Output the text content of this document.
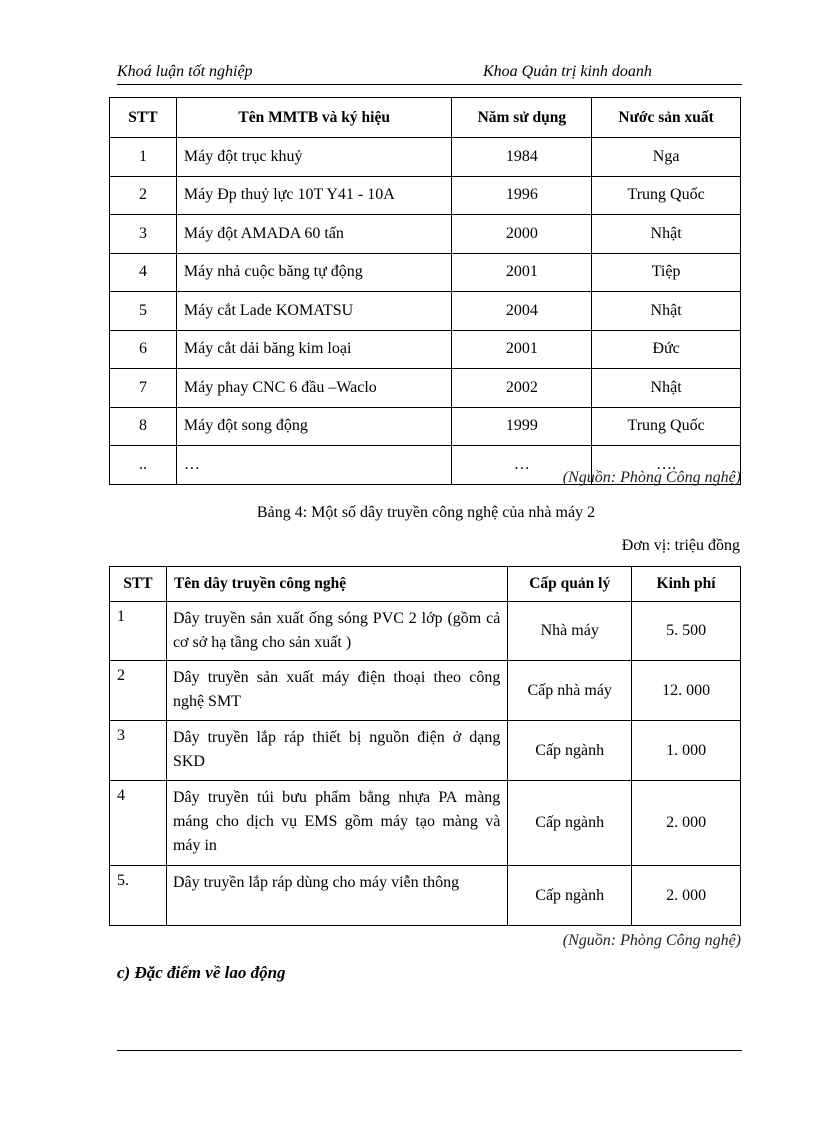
Khoá luận tốt nghiệp	Khoa Quản trị kinh doanh
STT	Tên MMTB và ký hiệu	Năm sử dụng	Nước sản xuất
1	Máy đột trục khuỷ	1984	Nga
2	Máy Đp thuỷ lực 10T Y41 - 10A	1996	Trung Quốc
3	Máy đột AMADA 60 tấn	2000	Nhật
4	Máy nhả cuộc băng tự động	2001	Tiệp
5	Máy cắt Lade KOMATSU	2004	Nhật
6	Máy cắt dải băng kim loại	2001	Đức
7	Máy phay CNC 6 đầu –Waclo	2002	Nhật
8	Máy đột song động	1999	Trung Quốc
..	…	…	….
(Nguồn: Phòng Công nghệ)
Bảng 4: Một số dây truyền công nghệ của nhà máy 2
Đơn vị: triệu đồng
STT	Tên dây truyền công nghệ	Cấp quản lý	Kinh phí
1	Dây truyền sản xuất ống sóng PVC 2 lớp (gồm cả cơ sở hạ tầng cho sản xuất )	Nhà máy	5. 500
2	Dây truyền sản xuất máy điện thoại theo công nghệ SMT	Cấp nhà máy	12. 000
3	Dây truyền lắp ráp thiết bị nguồn điện ở dạng SKD	Cấp ngành	1. 000
4	Dây truyền túi bưu phẩm bằng nhựa PA màng máng cho dịch vụ EMS gồm máy tạo màng và máy in	Cấp ngành	2. 000
5.	Dây truyền lắp ráp dùng cho máy viễn thông	Cấp ngành	2. 000
(Nguồn: Phòng Công nghệ)
c) Đặc điểm về lao động
